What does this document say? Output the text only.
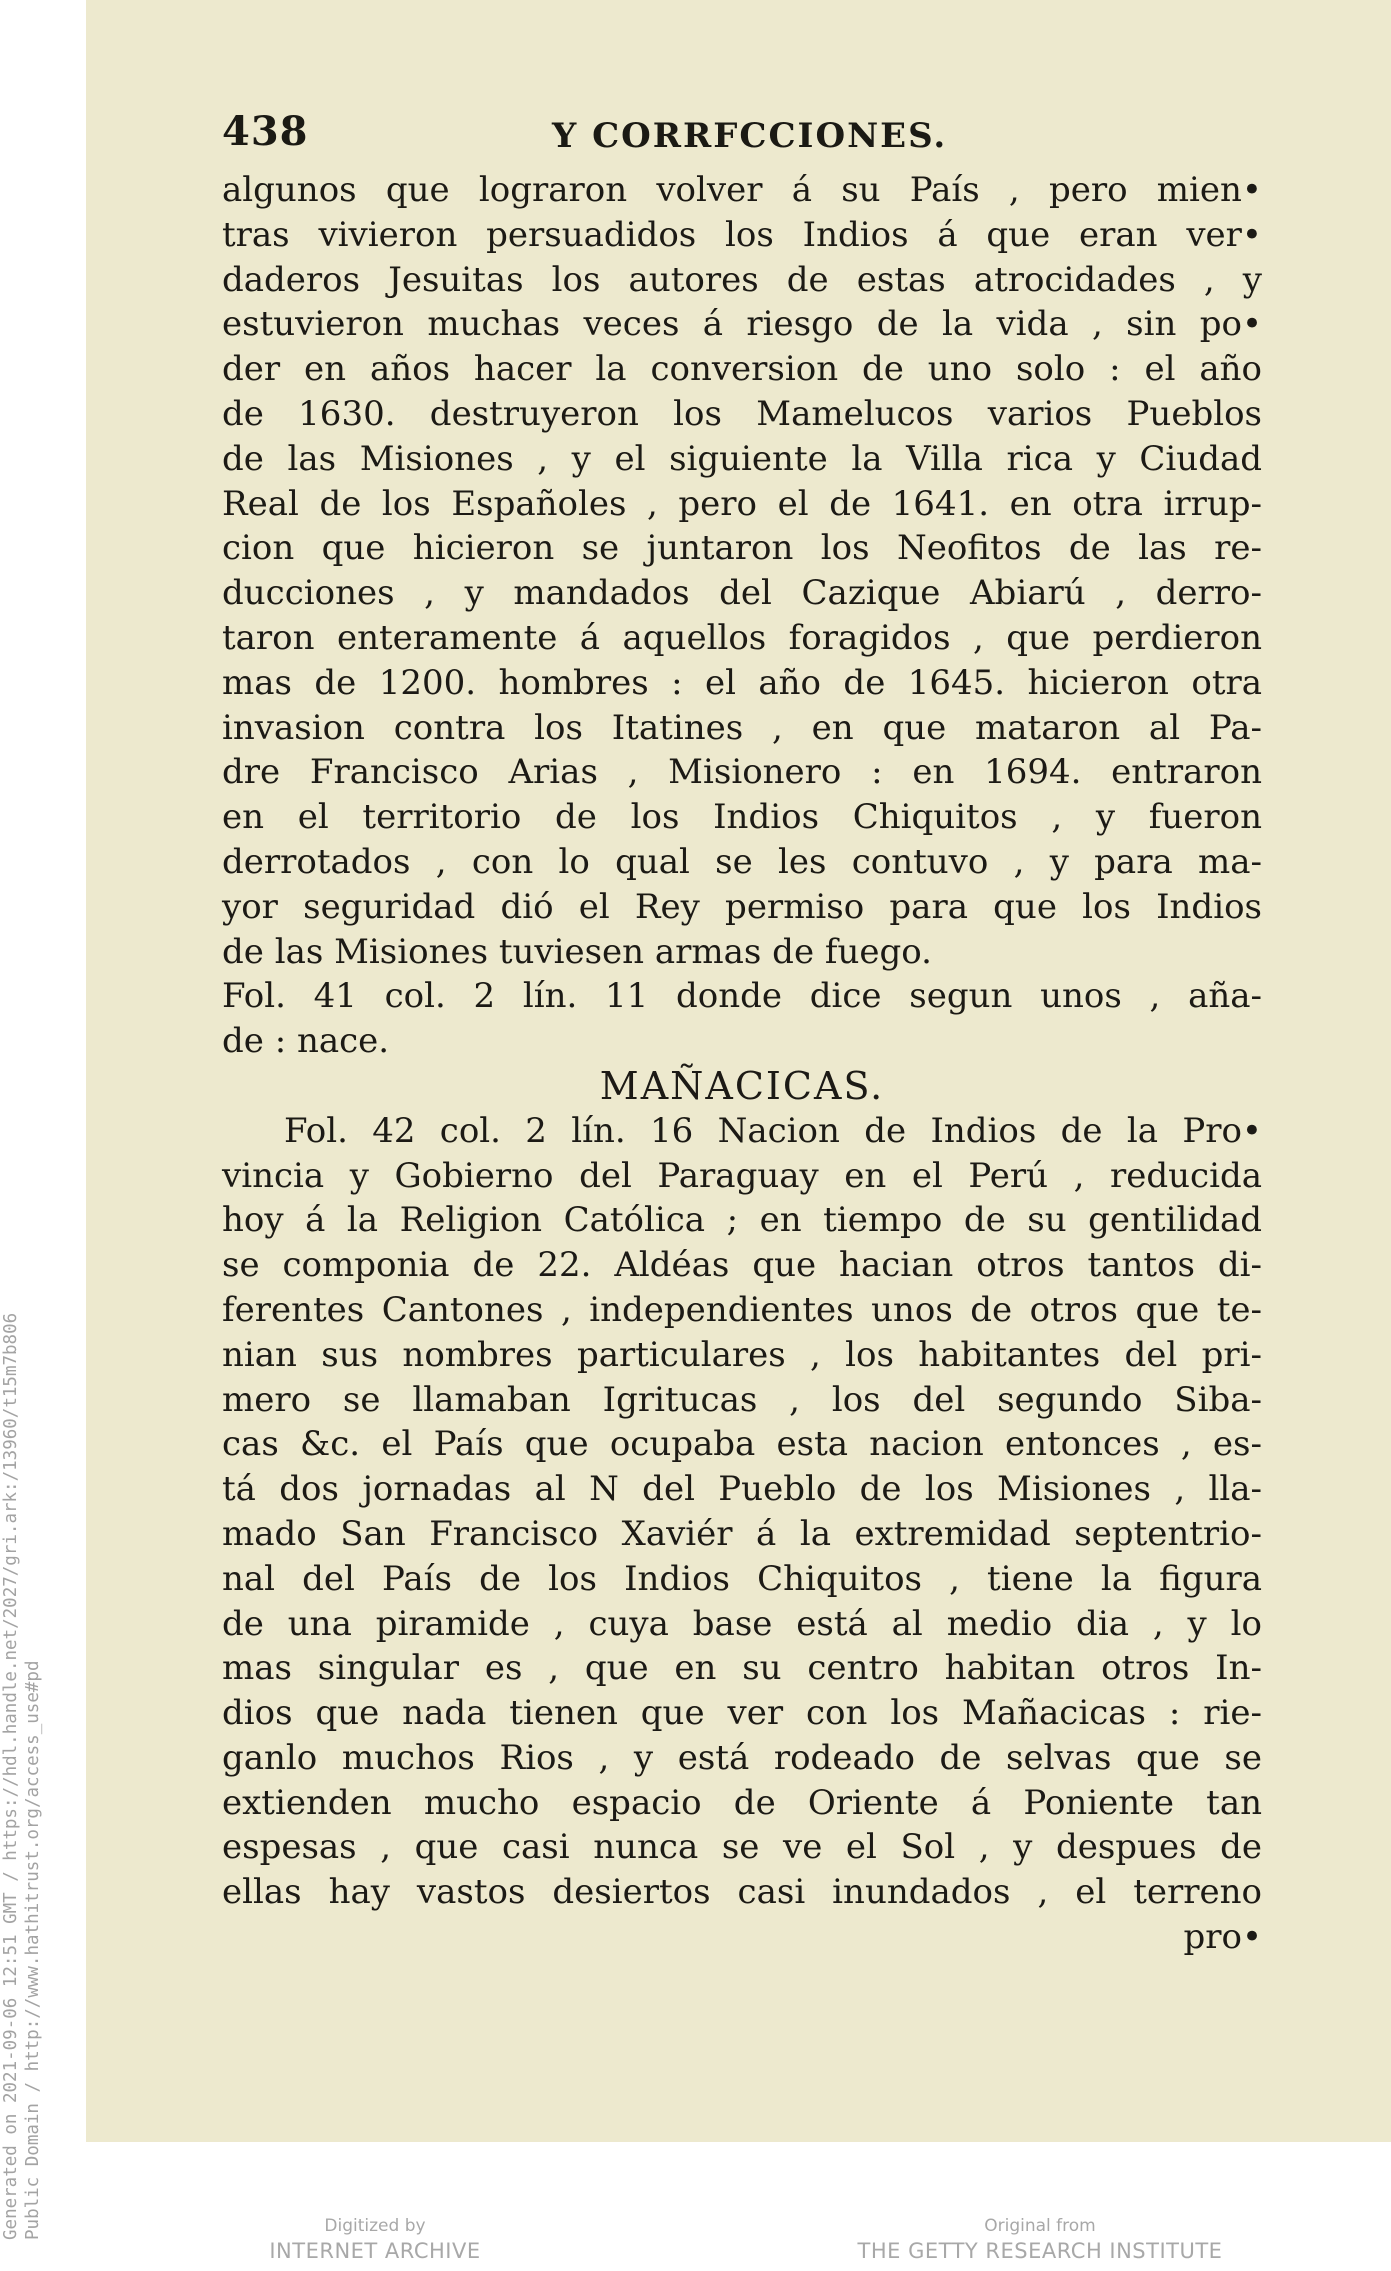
438	Y CORRFCCIONES.
algunos que lograron volver á su País , pero mien•
tras vivieron persuadidos los Indios á que eran ver•
daderos Jesuitas los autores de estas atrocidades , y
estuvieron muchas veces á riesgo de la vida , sin po•
der en años hacer la conversion de uno solo : el año
de 1630. destruyeron los Mamelucos varios Pueblos
de las Misiones , y el siguiente la Villa rica y Ciudad
Real de los Españoles , pero el de 1641. en otra irrup-
cion que hicieron se juntaron los Neofitos de las re-
ducciones , y mandados del Cazique Abiarú , derro-
taron enteramente á aquellos foragidos , que perdieron
mas de 1200. hombres : el año de 1645. hicieron otra
invasion contra los Itatines , en que mataron al Pa-
dre Francisco Arias , Misionero : en 1694. entraron
en el territorio de los Indios Chiquitos , y fueron
derrotados , con lo qual se les contuvo , y para ma-
yor seguridad dió el Rey permiso para que los Indios
de las Misiones tuviesen armas de fuego.
Fol. 41 col. 2 lín. 11 donde dice segun unos , aña-
de : nace.
MAÑACICAS.
Fol. 42 col. 2 lín. 16 Nacion de Indios de la Pro•
vincia y Gobierno del Paraguay en el Perú , reducida
hoy á la Religion Católica ; en tiempo de su gentilidad
se componia de 22. Aldéas que hacian otros tantos di-
ferentes Cantones , independientes unos de otros que te-
nian sus nombres particulares , los habitantes del pri-
mero se llamaban Igritucas , los del segundo Siba-
cas &c. el País que ocupaba esta nacion entonces , es-
tá dos jornadas al N del Pueblo de los Misiones , lla-
mado San Francisco Xaviér á la extremidad septentrio-
nal del País de los Indios Chiquitos , tiene la figura
de una piramide , cuya base está al medio dia , y lo
mas singular es , que en su centro habitan otros In-
dios que nada tienen que ver con los Mañacicas : rie-
ganlo muchos Rios , y está rodeado de selvas que se
extienden mucho espacio de Oriente á Poniente tan
espesas , que casi nunca se ve el Sol , y despues de
ellas hay vastos desiertos casi inundados , el terreno
pro•
Generated on 2021-09-06 12:51 GMT / https://hdl.handle.net/2027/gri.ark:/13960/t15m7b806 Public Domain / http://www.hathitrust.org/access_use#pd	Digitized by
INTERNET ARCHIVE
Original from
THE GETTY RESEARCH INSTITUTE
